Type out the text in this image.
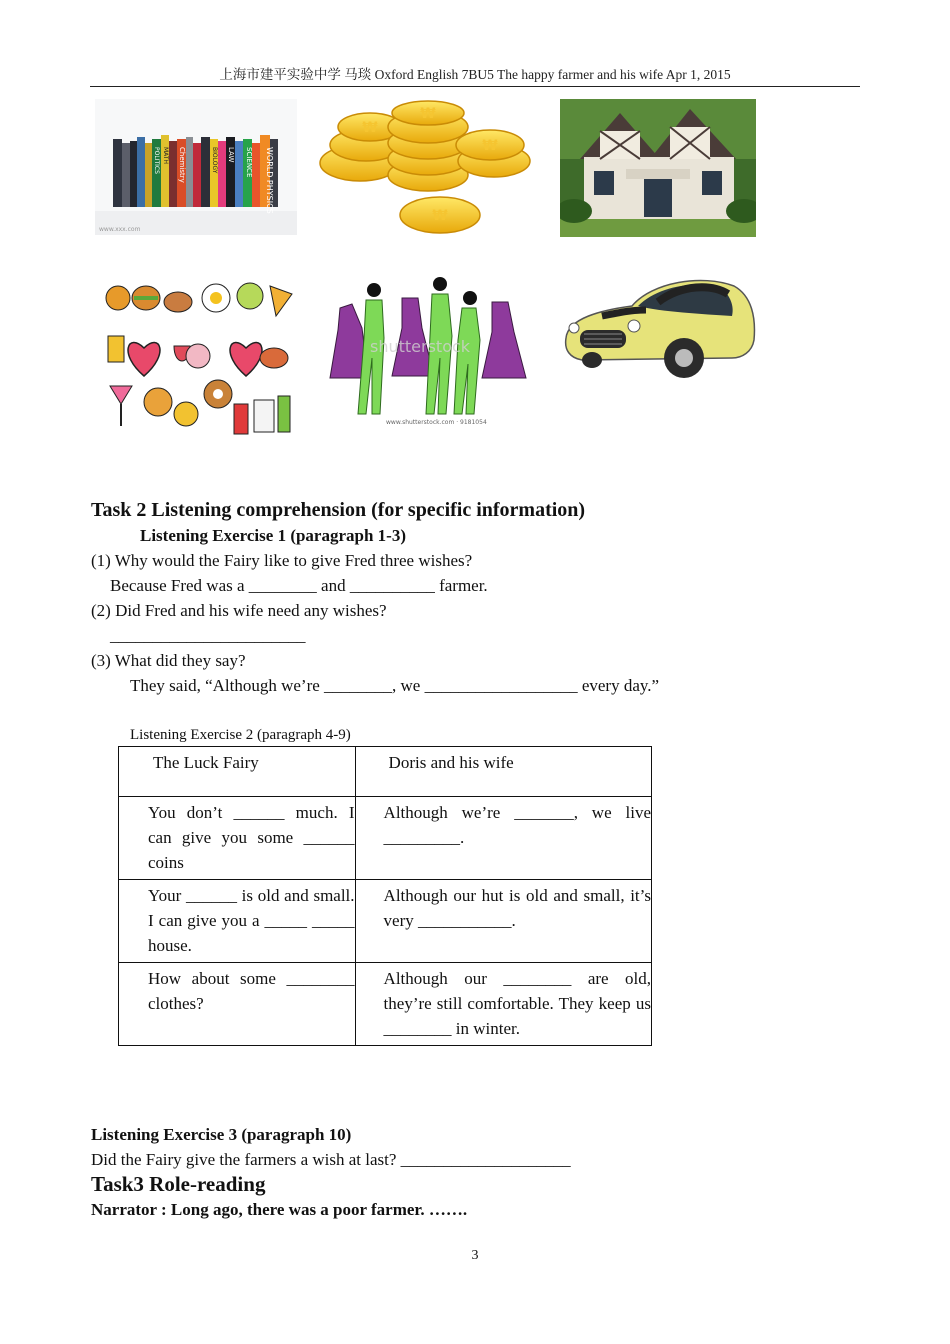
上海市建平实验中学 马琰 Oxford English 7BU5 The happy farmer and his wife Apr 1, 2015
WORLD PHYSICS
SCIENCE
LAW
Chemistry	BIOLOGY
POLITICS MATH
www.xxx.com
₩
₩
₩
₩
shutterstock
www.shutterstock.com · 9181054
Task 2 Listening comprehension (for specific information)
Listening Exercise 1 (paragraph 1-3)
(1) Why would the Fairy like to give Fred three wishes?
Because Fred was a ________ and __________ farmer.
(2) Did Fred and his wife need any wishes?
_______________________
(3) What did they say?
They said, “Although we’re ________, we __________________ every day.”
Listening Exercise 2 (paragraph 4-9)
The Luck Fairy	Doris and his wife

You don’t ______ much. I can give you some ______ coins	Although we’re _______, we live _________.

Your ______ is old and small. I can give you a _____ _____ house.	Although our hut is old and small, it’s very ___________.

How about some ________ clothes?	Although our ________ are old, they’re still comfortable. They keep us ________ in winter.
Listening Exercise 3 (paragraph 10)
Did the Fairy give the farmers a wish at last? ____________________
Task3 Role-reading
Narrator : Long ago, there was a poor farmer. …….
3
